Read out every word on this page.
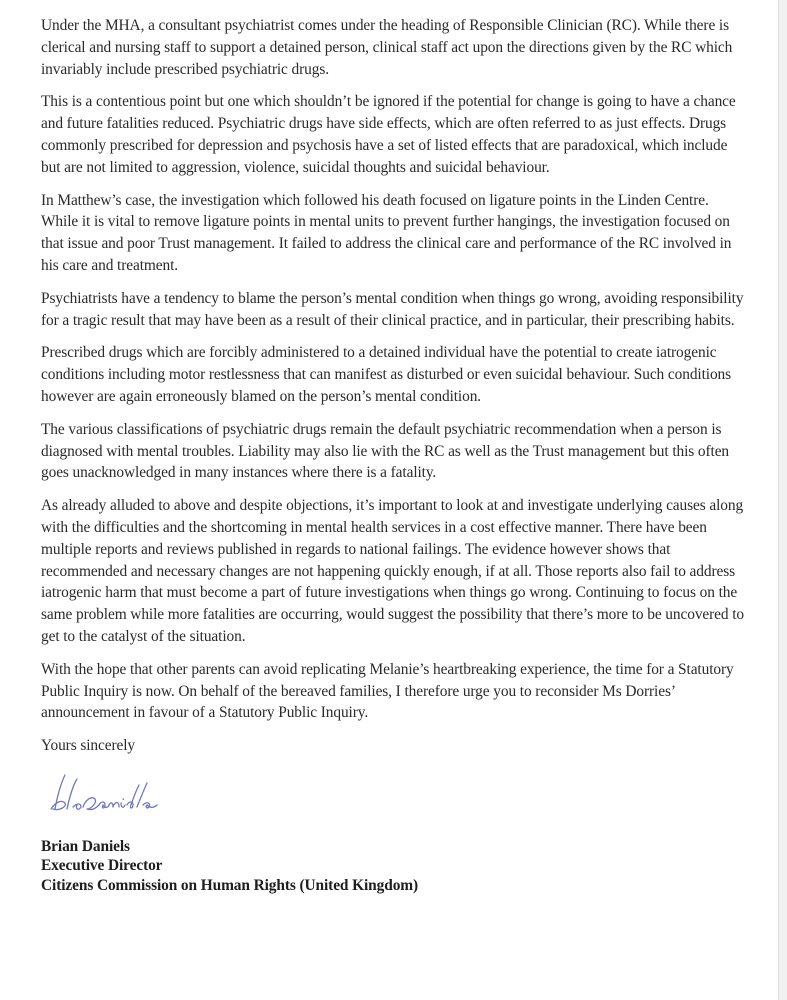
Under the MHA, a consultant psychiatrist comes under the heading of Responsible Clinician (RC). While there is clerical and nursing staff to support a detained person, clinical staff act upon the directions given by the RC which invariably include prescribed psychiatric drugs.

This is a contentious point but one which shouldn’t be ignored if the potential for change is going to have a chance and future fatalities reduced. Psychiatric drugs have side effects, which are often referred to as just effects. Drugs commonly prescribed for depression and psychosis have a set of listed effects that are paradoxical, which include but are not limited to aggression, violence, suicidal thoughts and suicidal behaviour.

In Matthew’s case, the investigation which followed his death focused on ligature points in the Linden Centre. While it is vital to remove ligature points in mental units to prevent further hangings, the investigation focused on that issue and poor Trust management. It failed to address the clinical care and performance of the RC involved in his care and treatment.

Psychiatrists have a tendency to blame the person’s mental condition when things go wrong, avoiding responsibility for a tragic result that may have been as a result of their clinical practice, and in particular, their prescribing habits.

Prescribed drugs which are forcibly administered to a detained individual have the potential to create iatrogenic conditions including motor restlessness that can manifest as disturbed or even suicidal behaviour. Such conditions however are again erroneously blamed on the person’s mental condition.

The various classifications of psychiatric drugs remain the default psychiatric recommendation when a person is diagnosed with mental troubles. Liability may also lie with the RC as well as the Trust management but this often goes unacknowledged in many instances where there is a fatality.

As already alluded to above and despite objections, it’s important to look at and investigate underlying causes along with the difficulties and the shortcoming in mental health services in a cost effective manner. There have been multiple reports and reviews published in regards to national failings. The evidence however shows that recommended and necessary changes are not happening quickly enough, if at all. Those reports also fail to address iatrogenic harm that must become a part of future investigations when things go wrong. Continuing to focus on the same problem while more fatalities are occurring, would suggest the possibility that there’s more to be uncovered to get to the catalyst of the situation.

With the hope that other parents can avoid replicating Melanie’s heartbreaking experience, the time for a Statutory Public Inquiry is now. On behalf of the bereaved families, I therefore urge you to reconsider Ms Dorries’ announcement in favour of a Statutory Public Inquiry.

Yours sincerely

Brian Daniels
Executive Director
Citizens Commission on Human Rights (United Kingdom)
